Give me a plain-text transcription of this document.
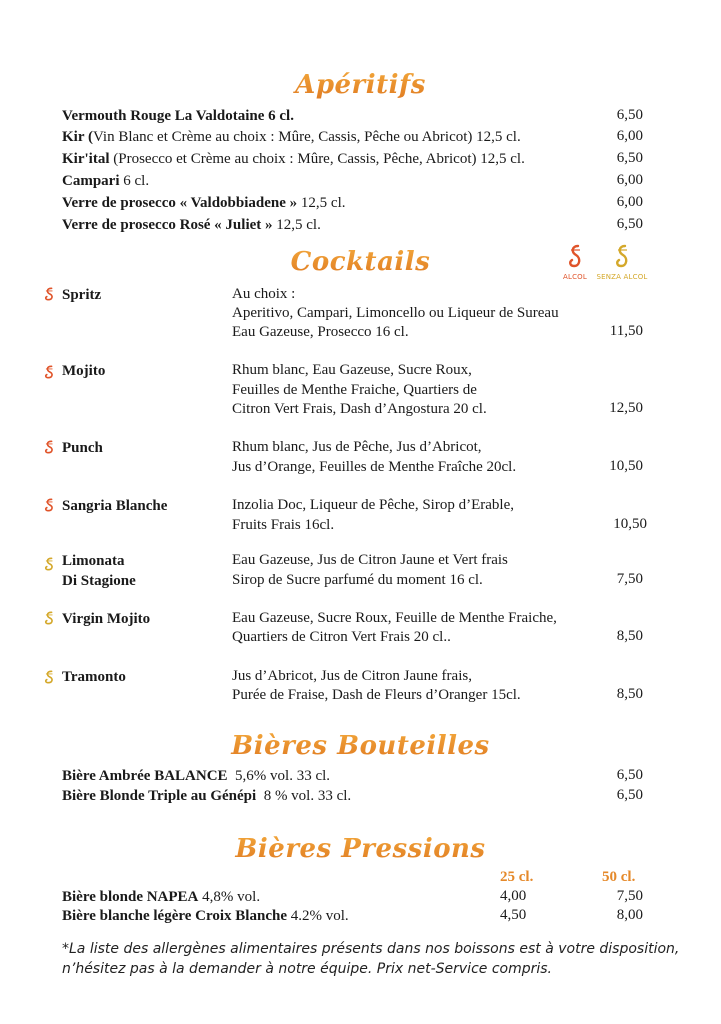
Apéritifs
Vermouth Rouge La Valdotaine 6 cl.	6,50
Kir (Vin Blanc et Crème au choix : Mûre, Cassis, Pêche ou Abricot) 12,5 cl.	6,00
Kir'ital (Prosecco et Crème au choix : Mûre, Cassis, Pêche, Abricot) 12,5 cl.	6,50
Campari 6 cl.	6,00
Verre de prosecco « Valdobbiadene » 12,5 cl.	6,00
Verre de prosecco Rosé « Juliet » 12,5 cl.	6,50
Cocktails	ALCOL	SENZA ALCOL
Spritz	Au choix :
Aperitivo, Campari, Limoncello ou Liqueur de Sureau
Eau Gazeuse, Prosecco 16 cl.	11,50
Mojito	Rhum blanc, Eau Gazeuse, Sucre Roux,
Feuilles de Menthe Fraiche, Quartiers de
Citron Vert Frais, Dash d’Angostura 20 cl.	12,50
Punch	Rhum blanc, Jus de Pêche, Jus d’Abricot,
Jus d’Orange, Feuilles de Menthe Fraîche 20cl.	10,50
Sangria Blanche	Inzolia Doc, Liqueur de Pêche, Sirop d’Erable,
Fruits Frais 16cl.	10,50
Limonata
Di Stagione
Eau Gazeuse, Jus de Citron Jaune et Vert frais
Sirop de Sucre parfumé du moment 16 cl.	7,50
Virgin Mojito	Eau Gazeuse, Sucre Roux, Feuille de Menthe Fraiche,
Quartiers de Citron Vert Frais 20 cl..	8,50
Tramonto	Jus d’Abricot, Jus de Citron Jaune frais,
Purée de Fraise, Dash de Fleurs d’Oranger 15cl.	8,50
Bières Bouteilles
Bière Ambrée BALANCE  5,6% vol. 33 cl.	6,50
Bière Blonde Triple au Génépi  8 % vol. 33 cl.	6,50
Bières Pressions
25 cl.	50 cl.
Bière blonde NAPEA 4,8% vol.	4,00	7,50
Bière blanche légère Croix Blanche 4.2% vol.	4,50	8,00
*La liste des allergènes alimentaires présents dans nos boissons est à votre disposition,
n’hésitez pas à la demander à notre équipe. Prix net-Service compris.
